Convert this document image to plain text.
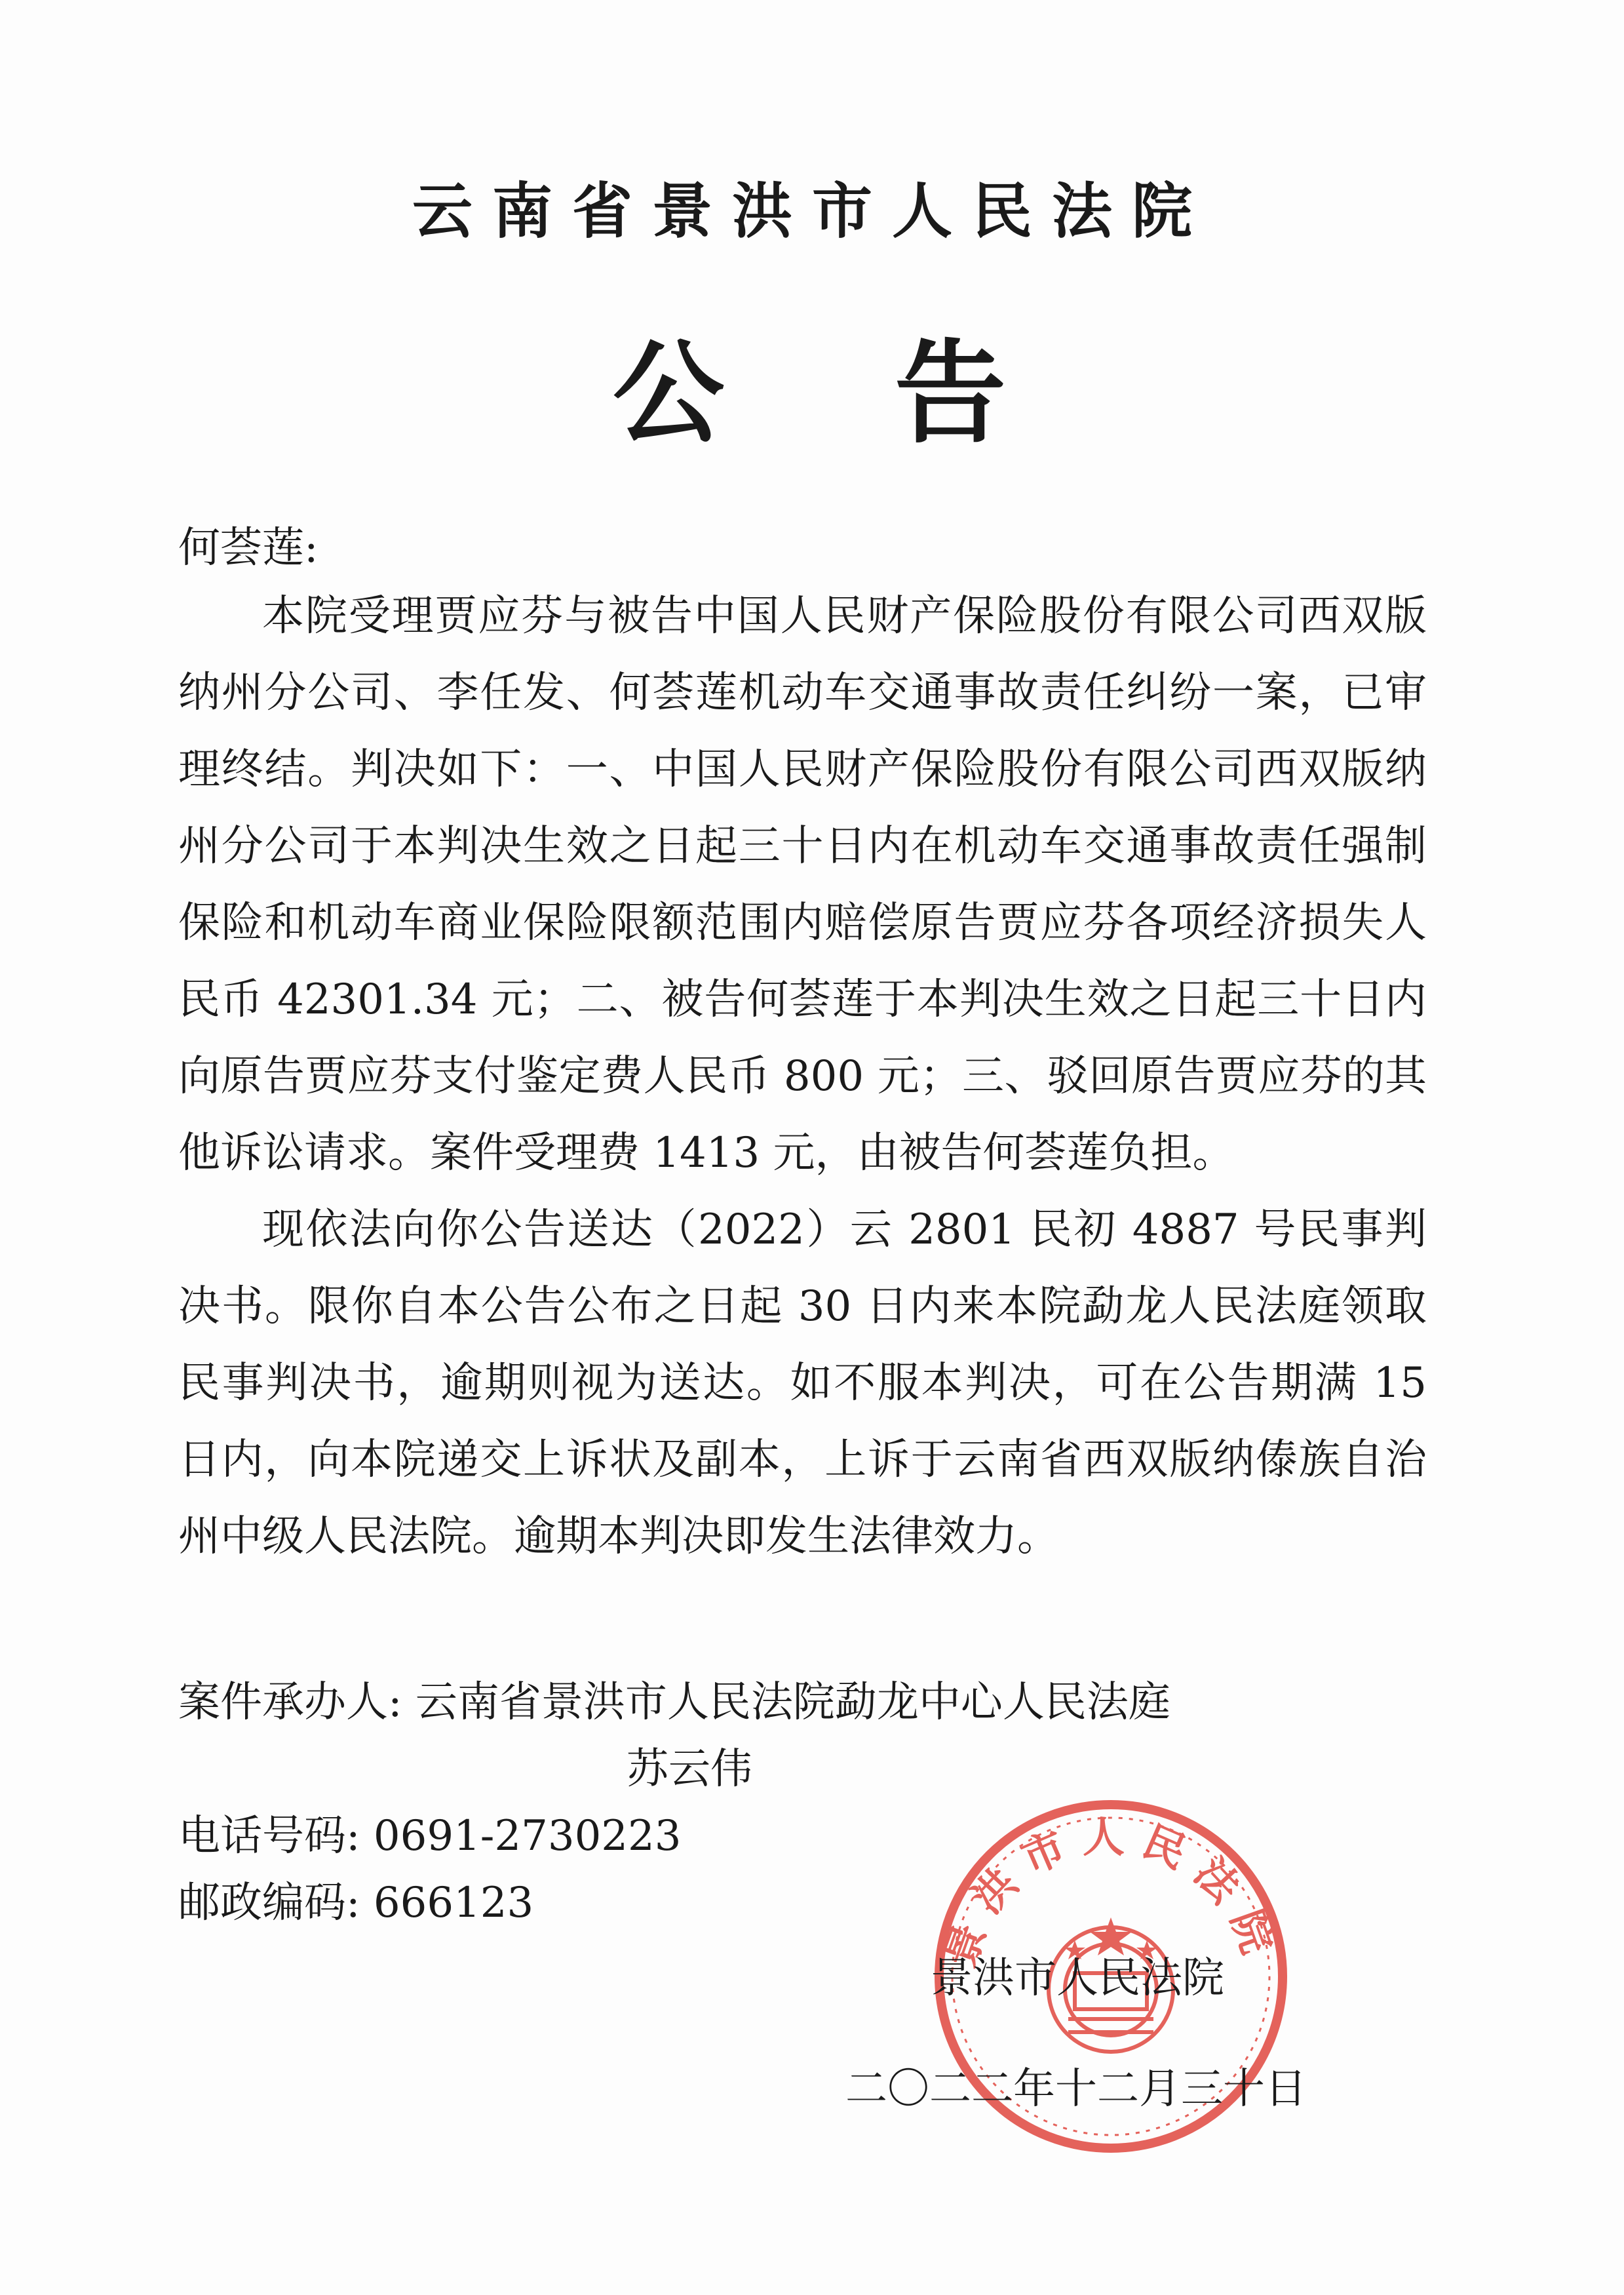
云南省景洪市人民法院
公 告
何荟莲:

本院受理贾应芬与被告中国人民财产保险股份有限公司西双版纳州分公司、李任发、何荟莲机动车交通事故责任纠纷一案，已审理终结。判决如下：一、中国人民财产保险股份有限公司西双版纳州分公司于本判决生效之日起三十日内在机动车交通事故责任强制保险和机动车商业保险限额范围内赔偿原告贾应芬各项经济损失人民币 42301.34 元；二、被告何荟莲于本判决生效之日起三十日内向原告贾应芬支付鉴定费人民币 800 元；三、驳回原告贾应芬的其他诉讼请求。案件受理费 1413 元，由被告何荟莲负担。

现依法向你公告送达（2022）云 2801 民初 4887 号民事判决书。限你自本公告公布之日起 30 日内来本院勐龙人民法庭领取民事判决书，逾期则视为送达。如不服本判决，可在公告期满 15 日内，向本院递交上诉状及副本，上诉于云南省西双版纳傣族自治州中级人民法院。逾期本判决即发生法律效力。

案件承办人: 云南省景洪市人民法院勐龙中心人民法庭
苏云伟
电话号码: 0691-2730223
邮政编码: 666123
景洪市人民法院
景洪市人民法院
二〇二二年十二月三十日
